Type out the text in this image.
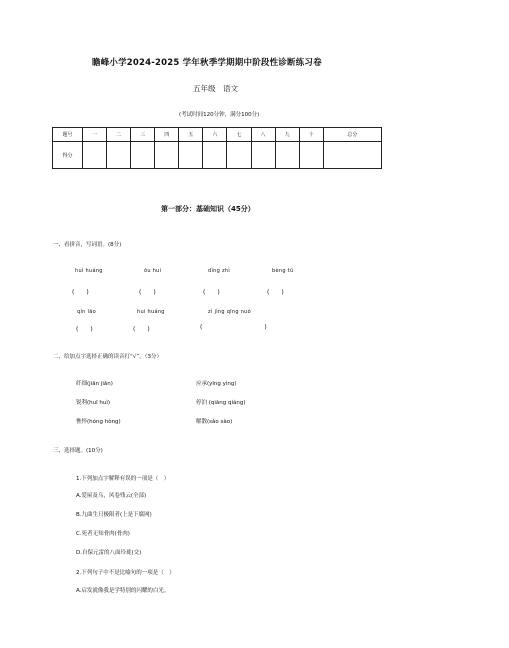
瞻峰小学2024-2025 学年秋季学期期中阶段性诊断练习卷
五年级　语文
(考试时间120分钟，满分100分)
题号	一	二	三	四	五	六	七	八	九	十	总分
得分											
第一部分：基础知识（45分）
一、看拼音，写词语。(8分)
huì huáng	ōu hui	dìng zhì	bèng tū
(　　)	(　　)	(　　)	(　　)
qín lāo	hui huáng	zì jìng qīng nuò
(　　)	(　　)	(	)
二、给加点字选择正确的读音打“√”。（3分）
纤细(jiān jiǎn)	应承(yīng yìng)
锐利(huī huì)	停泊 (qiāng qiàng)
憔悴(hóng hòng)	解散(sǎo sào)
三、选择题。(10分)
1.下列加点字解释有误的一项是（　）
A.爱屋及乌，风卷残云(全部)
B.九曲生只极限者(上是下腐网)
C.死者无知骨肉(骨肉)
D.自保元雷的八面玲珑(交)
2.下列句子中不是比喻句的一项是（　）
A.启发就像我是学特别的闪耀的白光。
